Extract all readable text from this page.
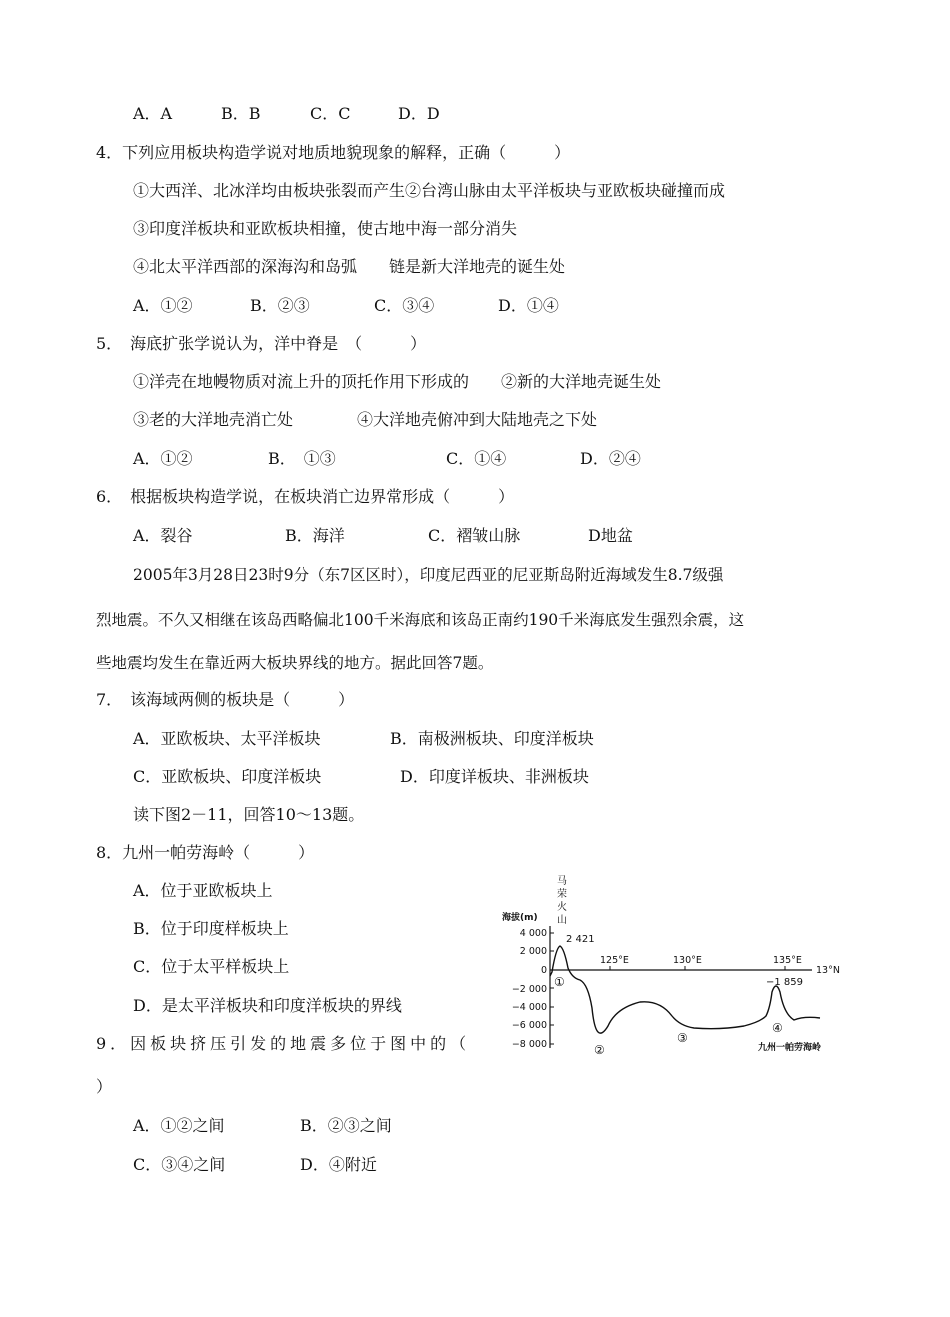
A．A	B．B	C．C	D．D
4．下列应用板块构造学说对地质地貌现象的解释，正确（　　　）
①大西洋、北冰洋均由板块张裂而产生②台湾山脉由太平洋板块与亚欧板块碰撞而成
③印度洋板块和亚欧板块相撞，使古地中海一部分消失
④北太平洋西部的深海沟和岛弧　　链是新大洋地壳的诞生处
A．①②	B．②③	C．③④	D．①④
5．　海底扩张学说认为，洋中脊是　（　　　）
①洋壳在地幔物质对流上升的顶托作用下形成的　　②新的大洋地壳诞生处
③老的大洋地壳消亡处　　　　④大洋地壳俯冲到大陆地壳之下处
A．①②	B．　①③	C．①④	D．②④
6．　根据板块构造学说，在板块消亡边界常形成（　　　）
A．裂谷	B．海洋	C．褶皱山脉	D地盆
2005年3月28日23时9分（东7区区时），印度尼西亚的尼亚斯岛附近海域发生8.7级强
烈地震。不久又相继在该岛西略偏北100千米海底和该岛正南约190千米海底发生强烈余震，这
些地震均发生在靠近两大板块界线的地方。据此回答7题。
7．　该海域两侧的板块是（　　　）
A．亚欧板块、太平洋板块	B．南极洲板块、印度洋板块
C．亚欧板块、印度洋板块	D．印度详板块、非洲板块
读下图2－11，回答10～13题。
8．九州一帕劳海岭（　　　）
A．位于亚欧板块上
B．位于印度样板块上
C．位于太平样板块上
D．是太平洋板块和印度洋板块的界线
9．因板块挤压引发的地震多位于图中的（
）
A．①②之间	B．②③之间
C．③④之间	D．④附近
马
荣
火
山
海拔(m)
4 000
2 000
0
−2 000
−4 000
−6 000
−8 000
125°E	130°E	135°E
13°N
2 421
−1 859
①
②
③
④
九州一帕劳海岭
